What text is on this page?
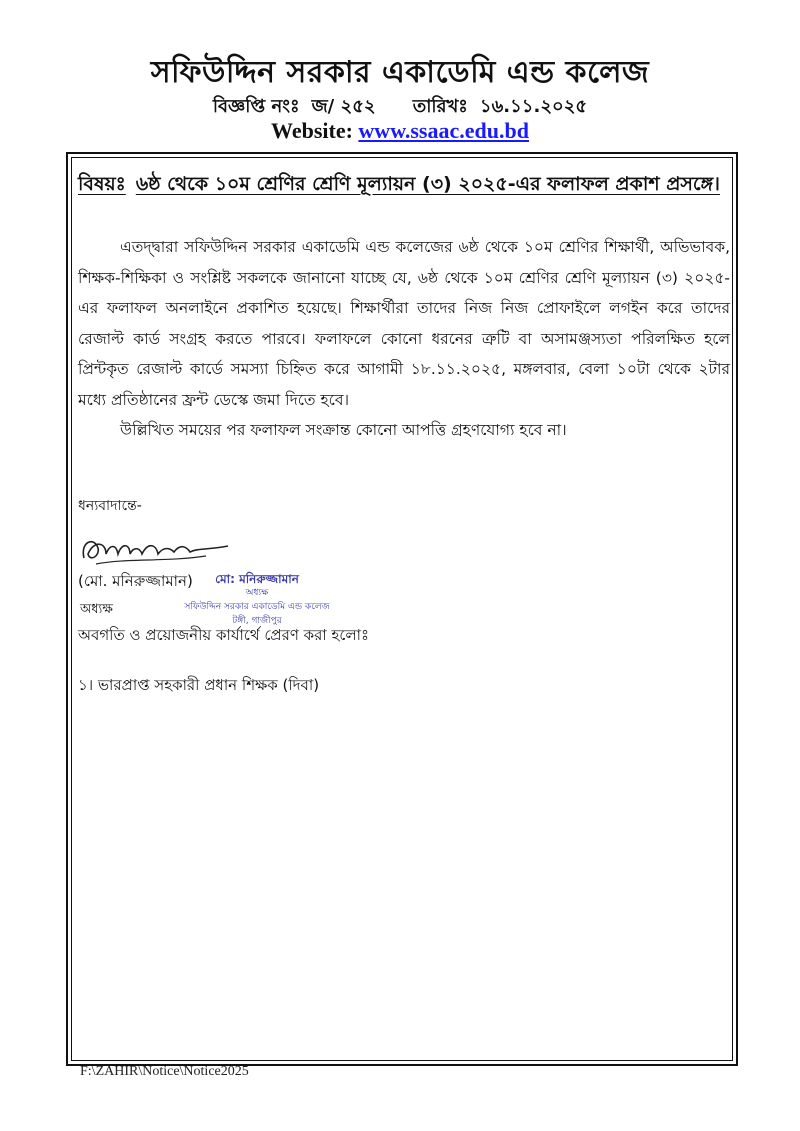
সফিউদ্দিন সরকার একাডেমি এন্ড কলেজ
বিজ্ঞপ্তি নংঃ জ/ ২৫২ তারিখঃ ১৬.১১.২০২৫
Website: www.ssaac.edu.bd
বিষয়ঃ ৬ষ্ঠ থেকে ১০ম শ্রেণির শ্রেণি মূল্যায়ন (৩) ২০২৫-এর ফলাফল প্রকাশ প্রসঙ্গে।

এতদ্দ্বারা সফিউদ্দিন সরকার একাডেমি এন্ড কলেজের ৬ষ্ঠ থেকে ১০ম শ্রেণির শিক্ষার্থী, অভিভাবক, শিক্ষক-শিক্ষিকা ও সংশ্লিষ্ট সকলকে জানানো যাচ্ছে যে, ৬ষ্ঠ থেকে ১০ম শ্রেণির শ্রেণি মূল্যায়ন (৩) ২০২৫-এর ফলাফল অনলাইনে প্রকাশিত হয়েছে। শিক্ষার্থীরা তাদের নিজ নিজ প্রোফাইলে লগইন করে তাদের রেজাল্ট কার্ড সংগ্রহ করতে পারবে। ফলাফলে কোনো ধরনের ত্রুটি বা অসামঞ্জস্যতা পরিলক্ষিত হলে প্রিন্টকৃত রেজাল্ট কার্ডে সমস্যা চিহ্নিত করে আগামী ১৮.১১.২০২৫, মঙ্গলবার, বেলা ১০টা থেকে ২টার মধ্যে প্রতিষ্ঠানের ফ্রন্ট ডেস্কে জমা দিতে হবে।

উল্লিখিত সময়ের পর ফলাফল সংক্রান্ত কোনো আপত্তি গ্রহণযোগ্য হবে না।

ধন্যবাদান্তে-
(মো. মনিরুজ্জামান)
অধ্যক্ষ
মো: মনিরুজ্জামান
অধ্যক্ষ
সফিউদ্দিন সরকার একাডেমি এন্ড কলেজ
টঙ্গী, গাজীপুর
অবগতি ও প্রয়োজনীয় কার্যার্থে প্রেরণ করা হলোঃ
১। ভারপ্রাপ্ত সহকারী প্রধান শিক্ষক (দিবা)
F:\ZAHIR\Notice\Notice2025
